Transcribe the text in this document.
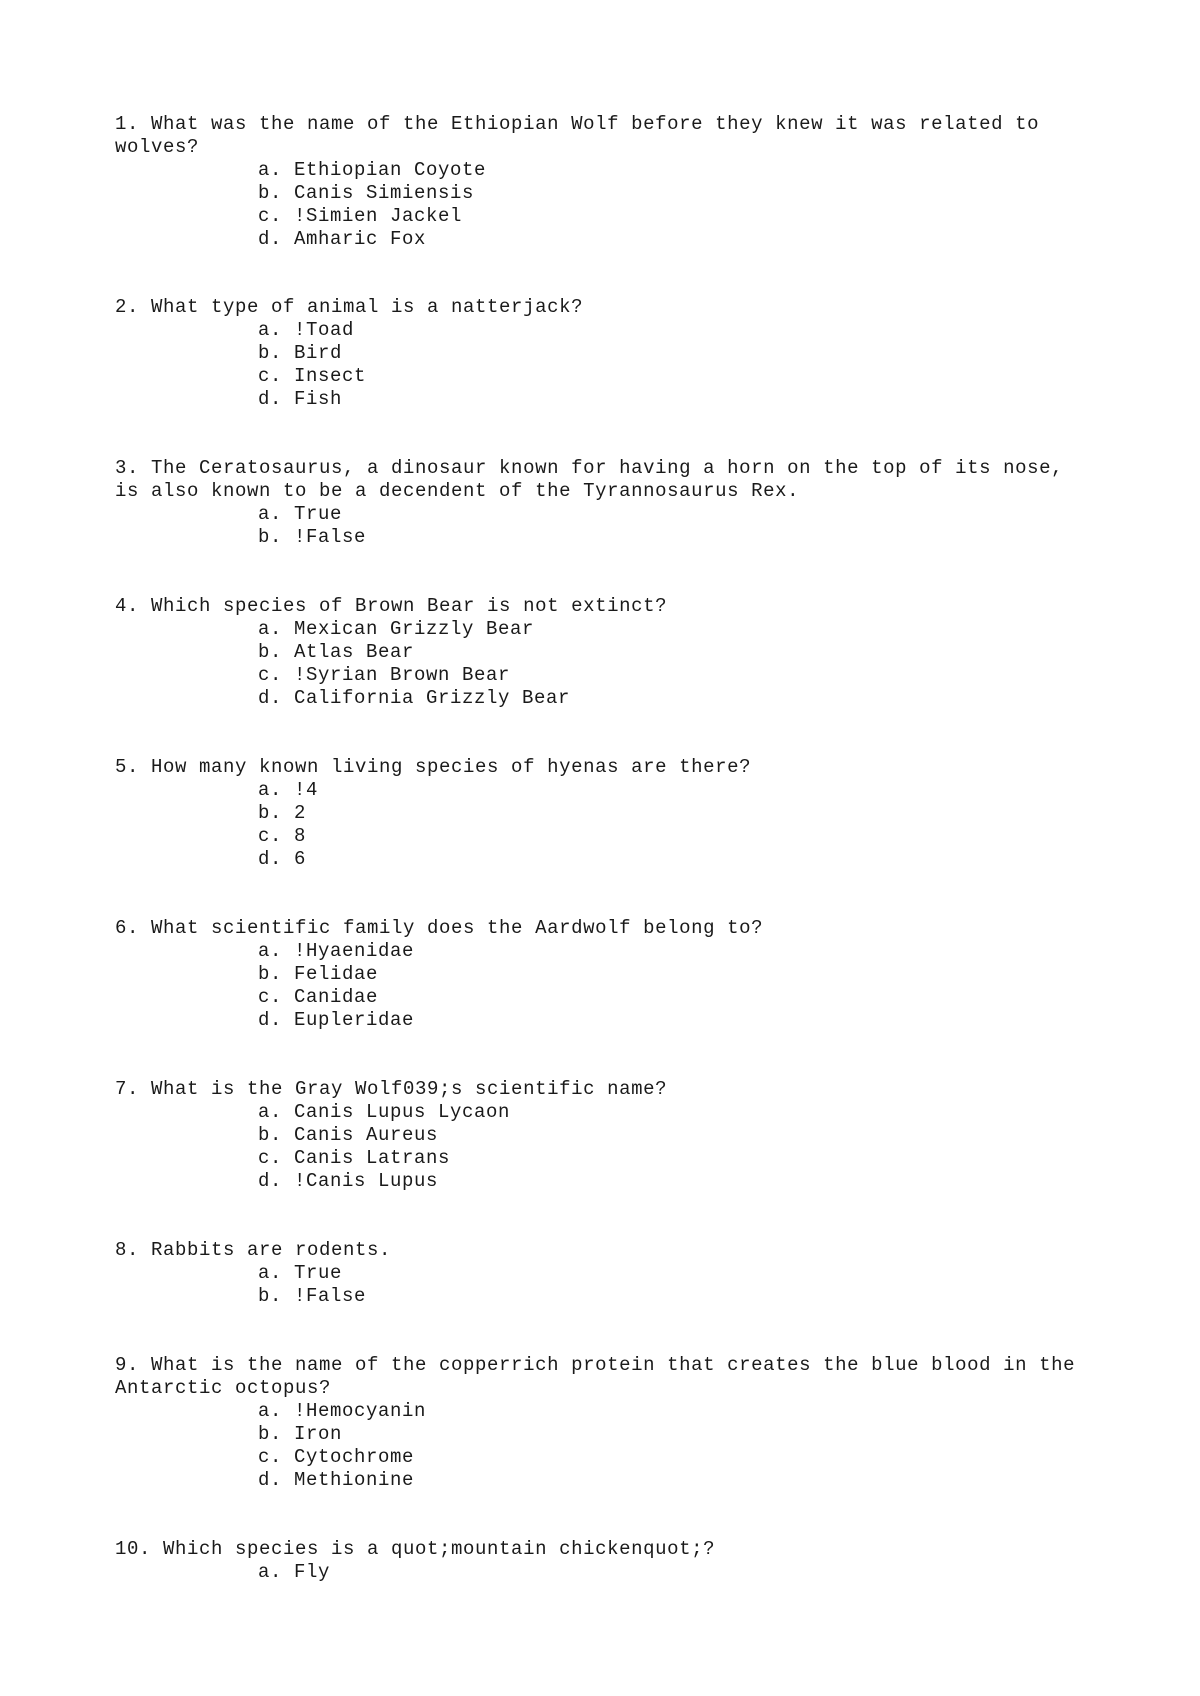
1. What was the name of the Ethiopian Wolf before they knew it was related to wolves?
a. Ethiopian Coyote
b. Canis Simiensis
c. !Simien Jackel
d. Amharic Fox
2. What type of animal is a natterjack?
a. !Toad
b. Bird
c. Insect
d. Fish
3. The Ceratosaurus, a dinosaur known for having a horn on the top of its nose, is also known to be a decendent of the Tyrannosaurus Rex.
a. True
b. !False
4. Which species of Brown Bear is not extinct?
a. Mexican Grizzly Bear
b. Atlas Bear
c. !Syrian Brown Bear
d. California Grizzly Bear
5. How many known living species of hyenas are there?
a. !4
b. 2
c. 8
d. 6
6. What scientific family does the Aardwolf belong to?
a. !Hyaenidae
b. Felidae
c. Canidae
d. Eupleridae
7. What is the Gray Wolf039;s scientific name?
a. Canis Lupus Lycaon
b. Canis Aureus
c. Canis Latrans
d. !Canis Lupus
8. Rabbits are rodents.
a. True
b. !False
9. What is the name of the copperrich protein that creates the blue blood in the Antarctic octopus?
a. !Hemocyanin
b. Iron
c. Cytochrome
d. Methionine
10. Which species is a quot;mountain chickenquot;?
a. Fly
